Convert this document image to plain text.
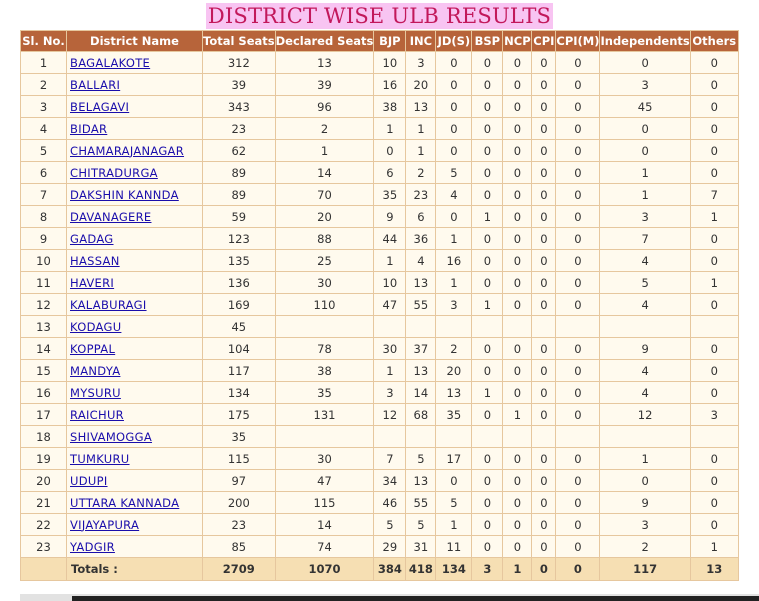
DISTRICT WISE ULB RESULTS
Sl. No.	District Name	Total Seats	Declared Seats	BJP	INC	JD(S)	BSP	NCP	CPI	CPI(M)	Independents	Others
1	BAGALAKOTE	312	13	10	3	0	0	0	0	0	0	0
2	BALLARI	39	39	16	20	0	0	0	0	0	3	0
3	BELAGAVI	343	96	38	13	0	0	0	0	0	45	0
4	BIDAR	23	2	1	1	0	0	0	0	0	0	0
5	CHAMARAJANAGAR	62	1	0	1	0	0	0	0	0	0	0
6	CHITRADURGA	89	14	6	2	5	0	0	0	0	1	0
7	DAKSHIN KANNDA	89	70	35	23	4	0	0	0	0	1	7
8	DAVANAGERE	59	20	9	6	0	1	0	0	0	3	1
9	GADAG	123	88	44	36	1	0	0	0	0	7	0
10	HASSAN	135	25	1	4	16	0	0	0	0	4	0
11	HAVERI	136	30	10	13	1	0	0	0	0	5	1
12	KALABURAGI	169	110	47	55	3	1	0	0	0	4	0
13	KODAGU	45										
14	KOPPAL	104	78	30	37	2	0	0	0	0	9	0
15	MANDYA	117	38	1	13	20	0	0	0	0	4	0
16	MYSURU	134	35	3	14	13	1	0	0	0	4	0
17	RAICHUR	175	131	12	68	35	0	1	0	0	12	3
18	SHIVAMOGGA	35										
19	TUMKURU	115	30	7	5	17	0	0	0	0	1	0
20	UDUPI	97	47	34	13	0	0	0	0	0	0	0
21	UTTARA KANNADA	200	115	46	55	5	0	0	0	0	9	0
22	VIJAYAPURA	23	14	5	5	1	0	0	0	0	3	0
23	YADGIR	85	74	29	31	11	0	0	0	0	2	1
	Totals :	2709	1070	384	418	134	3	1	0	0	117	13
